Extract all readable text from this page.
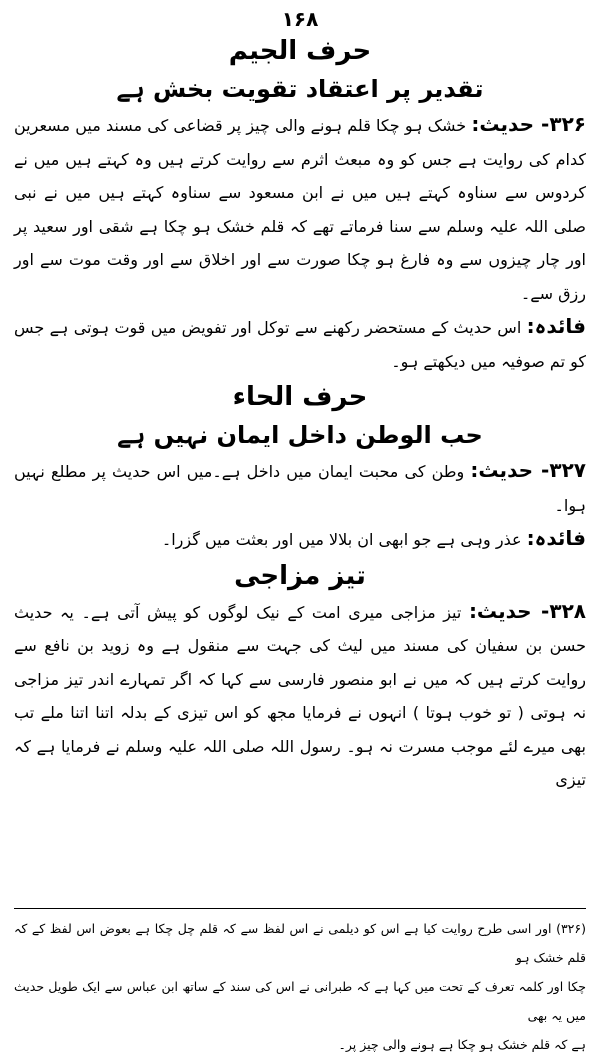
۱۶۸
حرف الجیم
تقدیر پر اعتقاد تقویت بخش ہے

۳۲۶- حدیث: خشک ہو چکا قلم ہونے والی چیز پر قضاعی کی مسند میں مسعرین کدام کی روایت ہے جس کو وہ مبعث اثرم سے روایت کرتے ہیں وہ کہتے ہیں میں نے کردوس سے سناوہ کہتے ہیں میں نے ابن مسعود سے سناوہ کہتے ہیں میں نے نبی صلی اللہ علیہ وسلم سے سنا فرماتے تھے کہ قلم خشک ہو چکا ہے شقی اور سعید پر اور چار چیزوں سے وہ فارغ ہو چکا صورت سے اور اخلاق سے اور وقت موت سے اور رزق سے۔

فائدہ: اس حدیث کے مستحضر رکھنے سے توکل اور تفویض میں قوت ہوتی ہے جس کو تم صوفیہ میں دیکھتے ہو۔

حرف الحاء
حب الوطن داخل ایمان نہیں ہے

۳۲۷- حدیث: وطن کی محبت ایمان میں داخل ہے۔میں اس حدیث پر مطلع نہیں ہوا۔

فائدہ: عذر وہی ہے جو ابھی ان بلالا میں اور بعثت میں گزرا۔

تیز مزاجی

۳۲۸- حدیث: تیز مزاجی میری امت کے نیک لوگوں کو پیش آتی ہے۔ یہ حدیث حسن بن سفیان کی مسند میں لیث کی جہت سے منقول ہے وہ زوید بن نافع سے روایت کرتے ہیں کہ میں نے ابو منصور فارسی سے کہا کہ اگر تمہارے اندر تیز مزاجی نہ ہوتی ( تو خوب ہوتا ) انہوں نے فرمایا مجھ کو اس تیزی کے بدلہ اتنا اتنا ملے تب بھی میرے لئے موجب مسرت نہ ہو۔ رسول اللہ صلی اللہ علیہ وسلم نے فرمایا ہے کہ تیزی

(۳۲۶) اور اسی طرح روایت کیا ہے اس کو دیلمی نے اس لفظ سے کہ قلم چل چکا ہے بعوض اس لفظ کے کہ قلم خشک ہو

چکا اور کلمہ تعرف کے تحت میں کہا ہے کہ طبرانی نے اس کی سند کے ساتھ ابن عباس سے ایک طویل حدیث میں یہ بھی

ہے کہ قلم خشک ہو چکا ہے ہونے والی چیز پر۔
